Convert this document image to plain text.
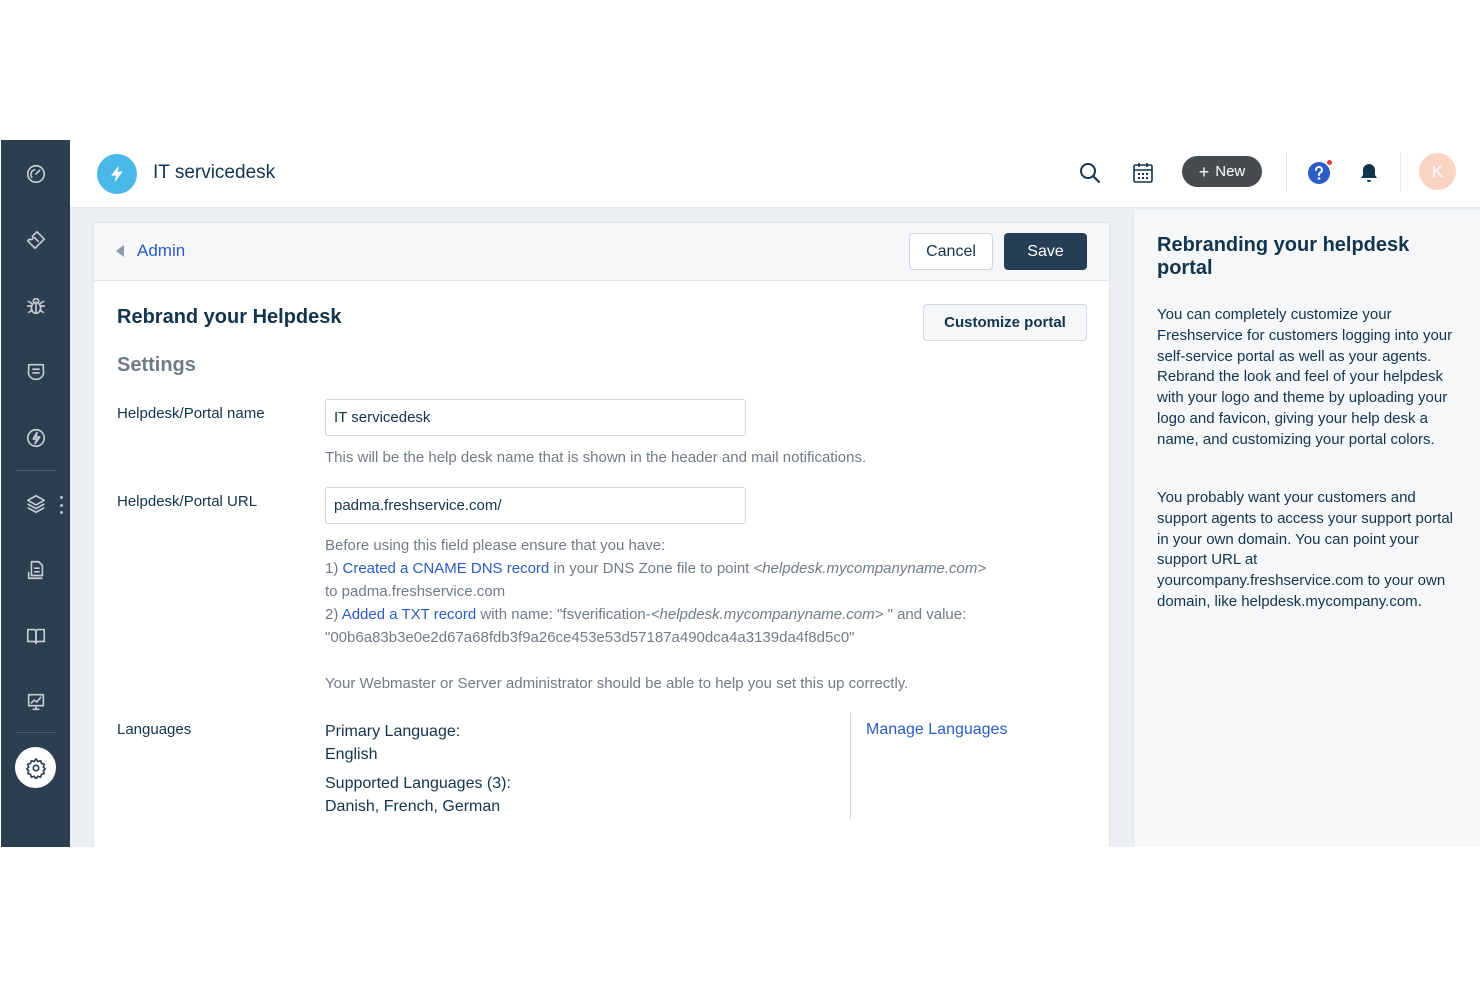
IT servicedesk	+ New	K
Admin	Cancel	Save
Rebrand your Helpdesk	Customize portal
Settings
Helpdesk/Portal name	IT servicedesk
This will be the help desk name that is shown in the header and mail notifications.
Helpdesk/Portal URL	padma.freshservice.com/
Before using this field please ensure that you have:
1) Created a CNAME DNS record in your DNS Zone file to point <helpdesk.mycompanyname.com>
to padma.freshservice.com
2) Added a TXT record with name: "fsverification-<helpdesk.mycompanyname.com> " and value:
"00b6a83b3e0e2d67a68fdb3f9a26ce453e53d57187a490dca4a3139da4f8d5c0"
Your Webmaster or Server administrator should be able to help you set this up correctly.
Languages	Primary Language:
English
Supported Languages (3):
Danish, French, German
Manage Languages
Rebranding your helpdesk portal

You can completely customize your Freshservice for customers logging into your self-service portal as well as your agents. Rebrand the look and feel of your helpdesk with your logo and theme by uploading your logo and favicon, giving your help desk a name, and customizing your portal colors.

You probably want your customers and support agents to access your support portal in your own domain. You can point your support URL at yourcompany.freshservice.com to your own domain, like helpdesk.mycompany.com.
